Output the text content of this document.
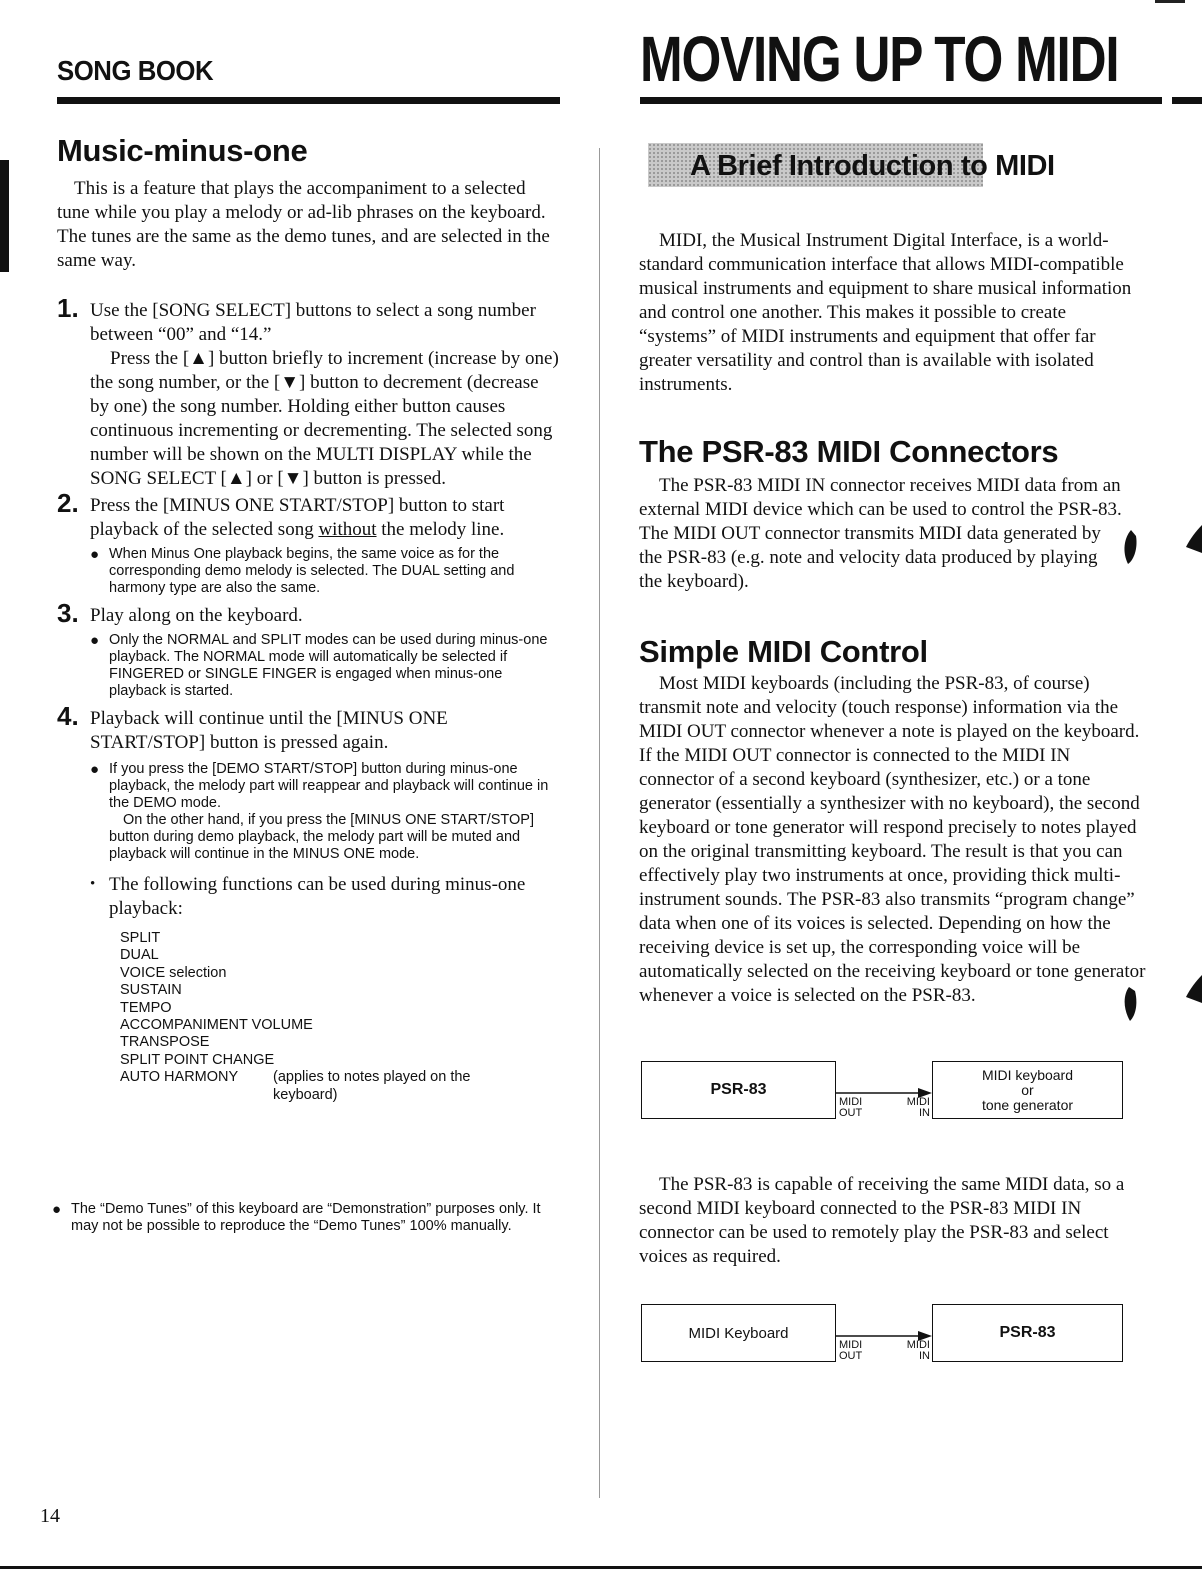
SONG BOOK	MOVING UP TO MIDI
Music-minus-one
This is a feature that plays the accompaniment to a selected tune while you play a melody or ad-lib phrases on the keyboard. The tunes are the same as the demo tunes, and are selected in the same way.
1. Use the [SONG SELECT] buttons to select a song number between “00” and “14.”
Press the [▲] button briefly to increment (increase by one) the song number, or the [▼] button to decrement (decrease by one) the song number. Holding either button causes continuous incrementing or decrementing. The selected song number will be shown on the MULTI DISPLAY while the SONG SELECT [▲] or [▼] button is pressed.
2. Press the [MINUS ONE START/STOP] button to start playback of the selected song without the melody line.
● When Minus One playback begins, the same voice as for the corresponding demo melody is selected. The DUAL setting and harmony type are also the same.
3. Play along on the keyboard.
● Only the NORMAL and SPLIT modes can be used during minus-one playback. The NORMAL mode will automatically be selected if FINGERED or SINGLE FINGER is engaged when minus-one playback is started.
4. Playback will continue until the [MINUS ONE START/STOP] button is pressed again.
● If you press the [DEMO START/STOP] button during minus-one playback, the melody part will reappear and playback will continue in the DEMO mode.
On the other hand, if you press the [MINUS ONE START/STOP] button during demo playback, the melody part will be muted and playback will continue in the MINUS ONE mode.
• The following functions can be used during minus-one playback:
SPLIT
DUAL
VOICE selection
SUSTAIN
TEMPO
ACCOMPANIMENT VOLUME
TRANSPOSE
SPLIT POINT CHANGE
AUTO HARMONY (applies to notes played on the
keyboard)
● The “Demo Tunes” of this keyboard are “Demonstration” purposes only. It may not be possible to reproduce the “Demo Tunes” 100% manually.
A Brief Introduction to MIDI
MIDI, the Musical Instrument Digital Interface, is a world-standard communication interface that allows MIDI-compatible musical instruments and equipment to share musical information and control one another. This makes it possible to create “systems” of MIDI instruments and equipment that offer far greater versatility and control than is available with isolated instruments.
The PSR-83 MIDI Connectors
The PSR-83 MIDI IN connector receives MIDI data from an external MIDI device which can be used to control the PSR-83. The MIDI OUT connector transmits MIDI data generated by the PSR-83 (e.g. note and velocity data produced by playing the keyboard).
Simple MIDI Control
Most MIDI keyboards (including the PSR-83, of course) transmit note and velocity (touch response) information via the MIDI OUT connector whenever a note is played on the keyboard. If the MIDI OUT connector is connected to the MIDI IN connector of a second keyboard (synthesizer, etc.) or a tone generator (essentially a synthesizer with no keyboard), the second keyboard or tone generator will respond precisely to notes played on the original transmitting keyboard. The result is that you can effectively play two instruments at once, providing thick multi-instrument sounds. The PSR-83 also transmits “program change” data when one of its voices is selected. Depending on how the receiving device is set up, the corresponding voice will be automatically selected on the receiving keyboard or tone generator whenever a voice is selected on the PSR-83.
PSR-83
MIDI keyboard
or
tone generator
MIDI
OUT
MIDI
IN
The PSR-83 is capable of receiving the same MIDI data, so a second MIDI keyboard connected to the PSR-83 MIDI IN connector can be used to remotely play the PSR-83 and select voices as required.
MIDI Keyboard	PSR-83
MIDI
OUT
MIDI
IN
14
